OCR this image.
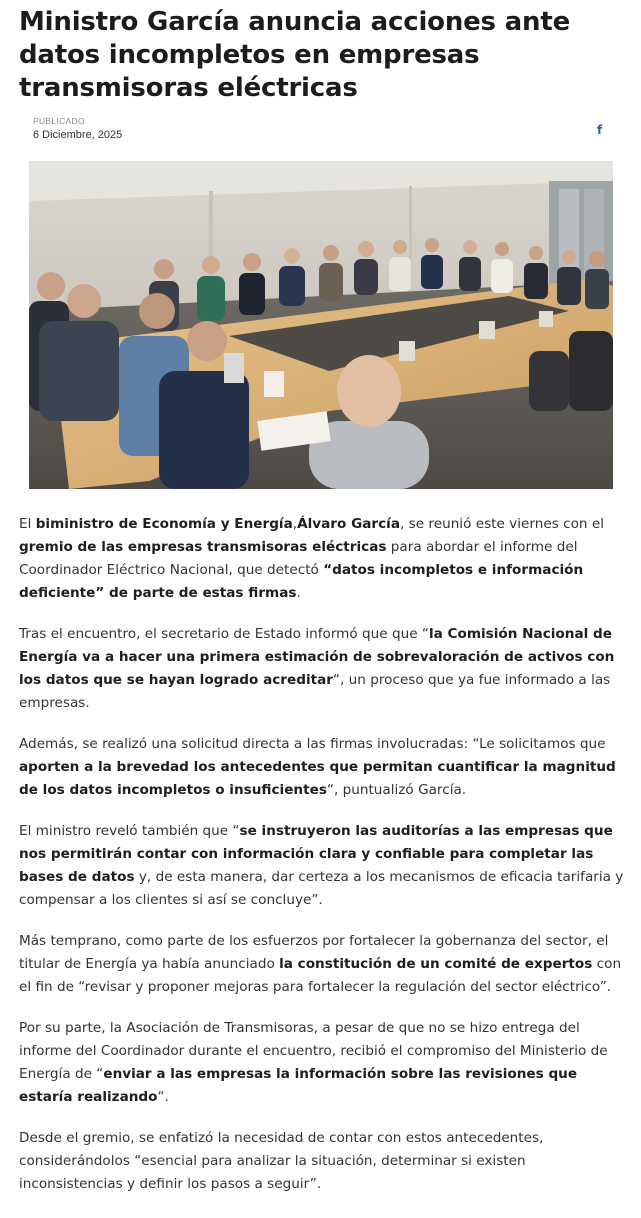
Ministro García anuncia acciones ante datos incompletos en empresas transmisoras eléctricas
PUBLICADO
6 Diciembre, 2025	f

El biministro de Economía y Energía,Álvaro García, se reunió este viernes con el gremio de las empresas transmisoras eléctricas para abordar el informe del Coordinador Eléctrico Nacional, que detectó “datos incompletos e información deficiente” de parte de estas firmas.

Tras el encuentro, el secretario de Estado informó que que “la Comisión Nacional de Energía va a hacer una primera estimación de sobrevaloración de activos con los datos que se hayan logrado acreditar“, un proceso que ya fue informado a las empresas.

Además, se realizó una solicitud directa a las firmas involucradas: “Le solicitamos que aporten a la brevedad los antecedentes que permitan cuantificar la magnitud de los datos incompletos o insuficientes“, puntualizó García.

El ministro reveló también que “se instruyeron las auditorías a las empresas que nos permitirán contar con información clara y confiable para completar las bases de datos y, de esta manera, dar certeza a los mecanismos de eficacia tarifaria y compensar a los clientes si así se concluye”.

Más temprano, como parte de los esfuerzos por fortalecer la gobernanza del sector, el titular de Energía ya había anunciado la constitución de un comité de expertos con el fin de “revisar y proponer mejoras para fortalecer la regulación del sector eléctrico”.

Por su parte, la Asociación de Transmisoras, a pesar de que no se hizo entrega del informe del Coordinador durante el encuentro, recibió el compromiso del Ministerio de Energía de “enviar a las empresas la información sobre las revisiones que estaría realizando“.

Desde el gremio, se enfatizó la necesidad de contar con estos antecedentes, considerándolos “esencial para analizar la situación, determinar si existen inconsistencias y definir los pasos a seguir”.
